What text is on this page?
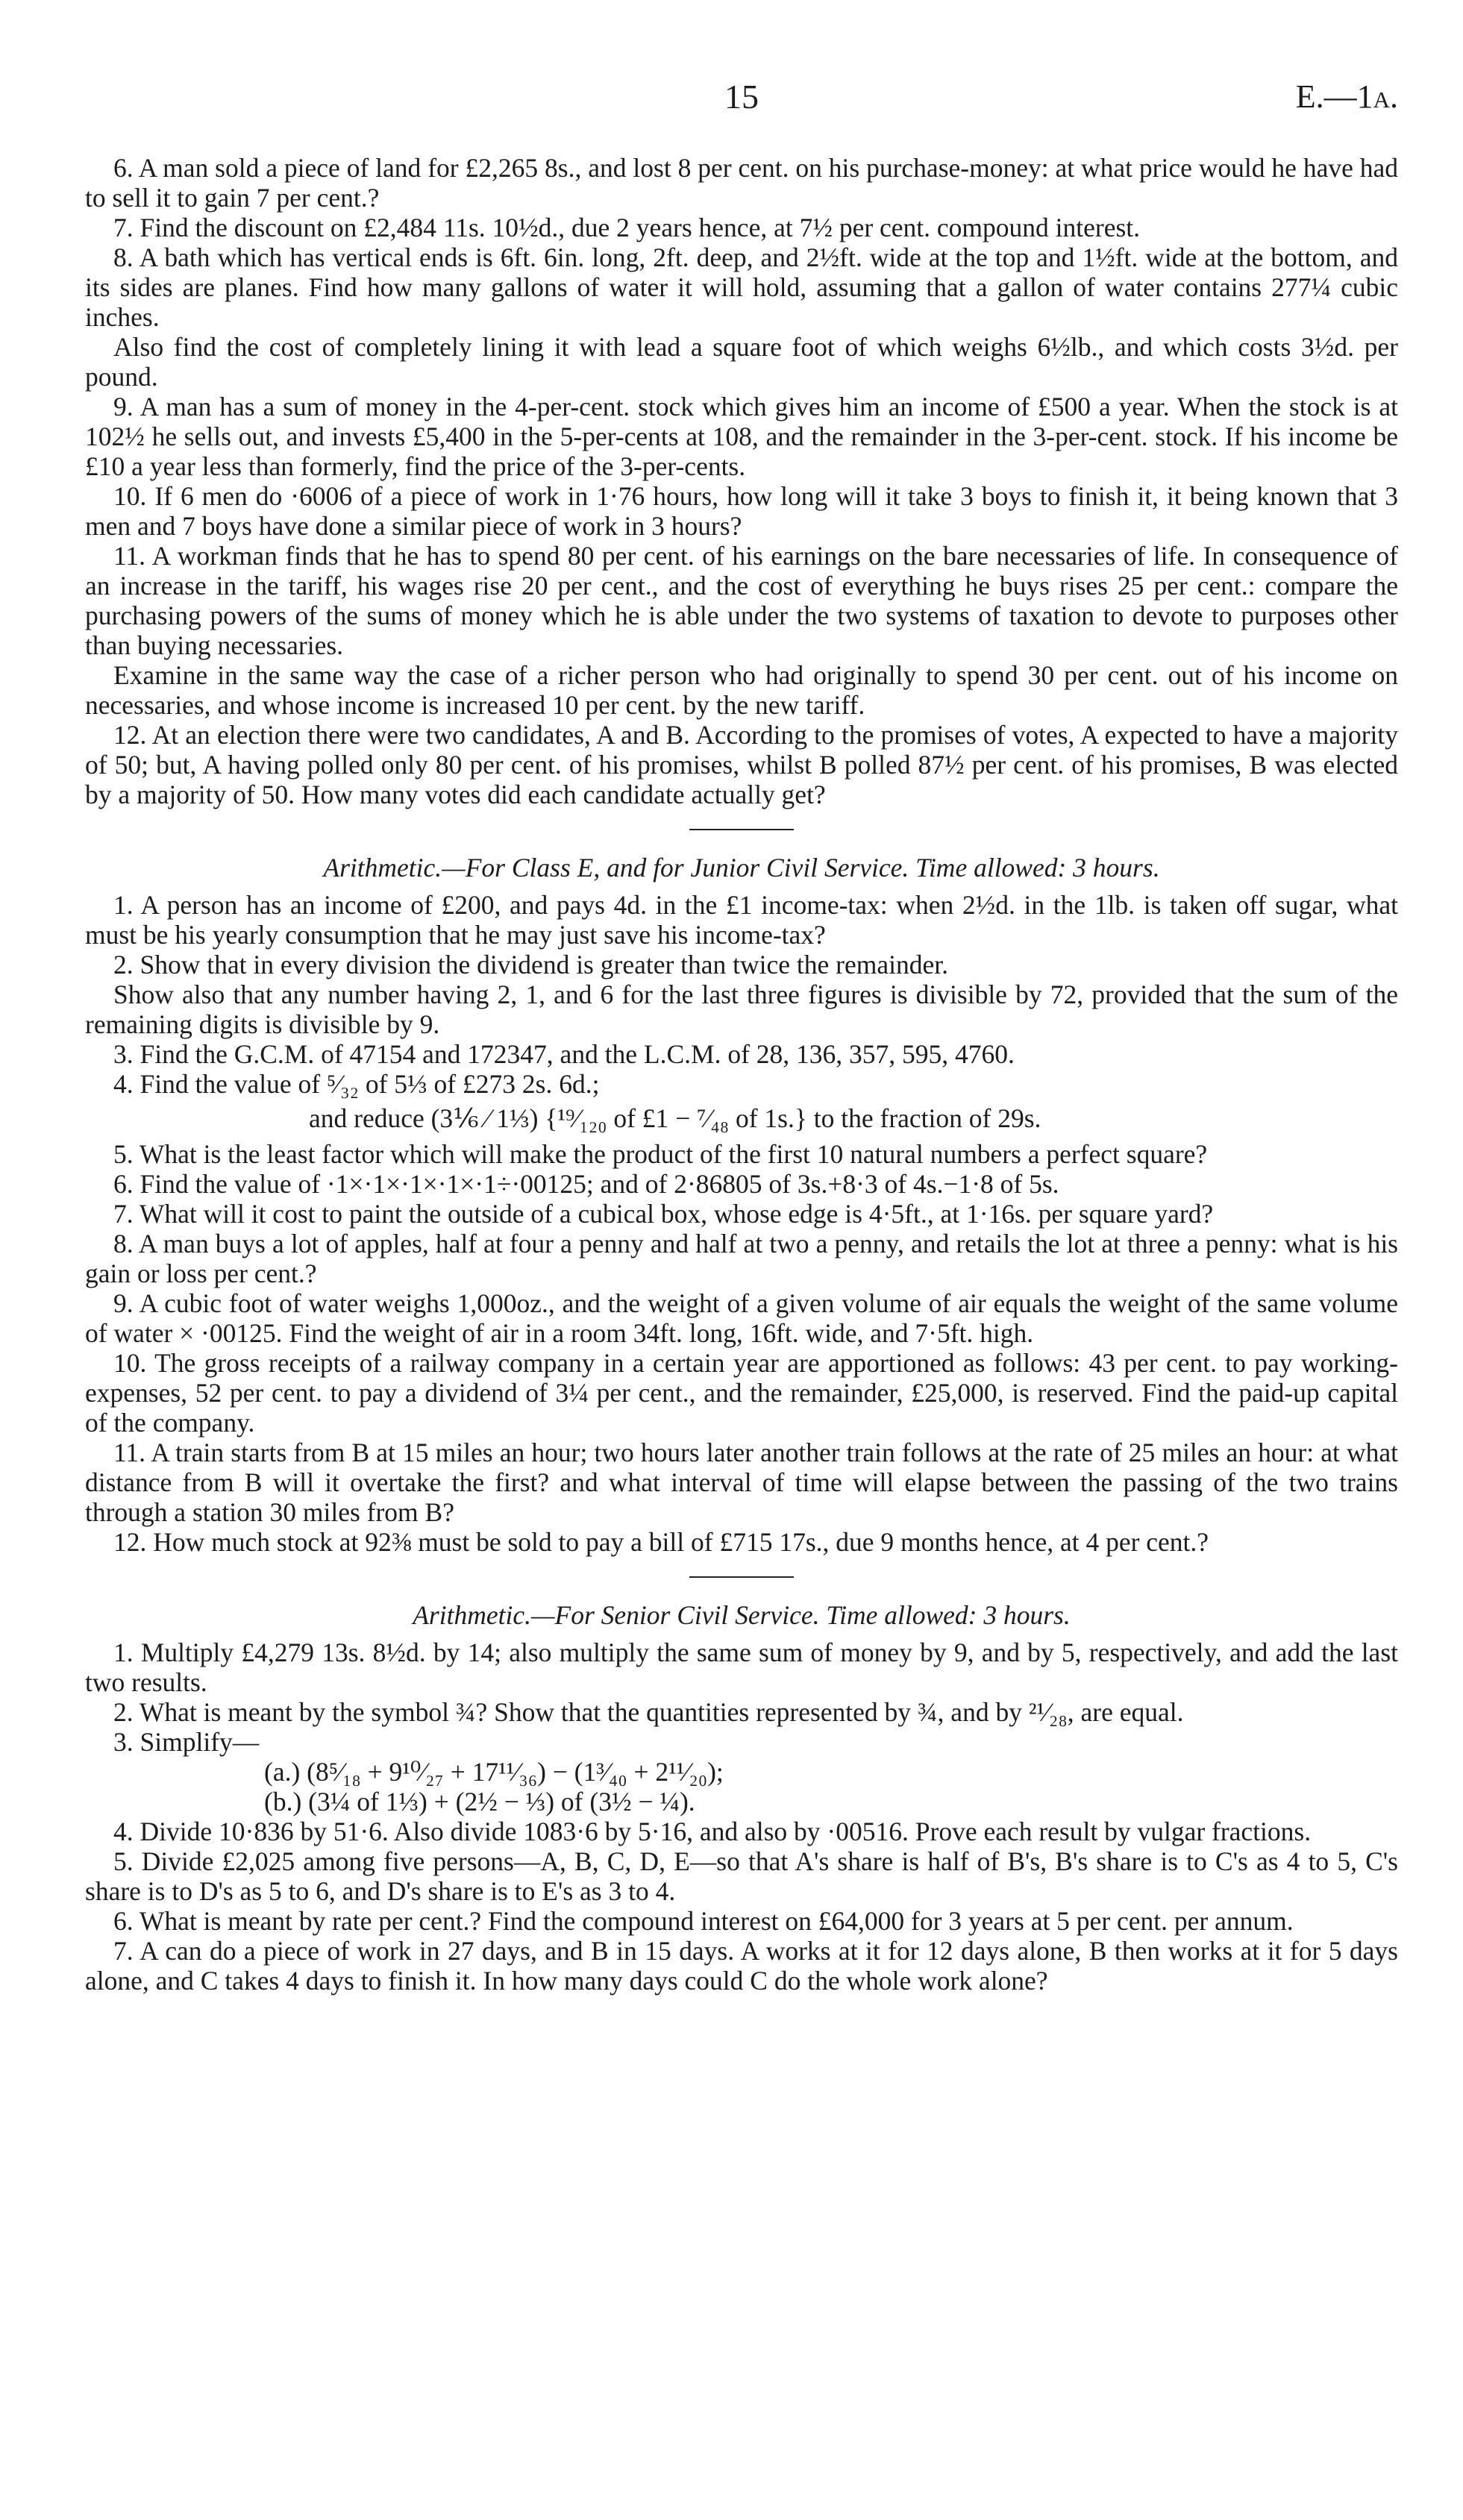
15	E.—1a.

6. A man sold a piece of land for £2,265 8s., and lost 8 per cent. on his purchase-money: at what price would he have had to sell it to gain 7 per cent.?

7. Find the discount on £2,484 11s. 10½d., due 2 years hence, at 7½ per cent. compound interest.

8. A bath which has vertical ends is 6ft. 6in. long, 2ft. deep, and 2½ft. wide at the top and 1½ft. wide at the bottom, and its sides are planes. Find how many gallons of water it will hold, assuming that a gallon of water contains 277¼ cubic inches.

Also find the cost of completely lining it with lead a square foot of which weighs 6½lb., and which costs 3½d. per pound.

9. A man has a sum of money in the 4-per-cent. stock which gives him an income of £500 a year. When the stock is at 102½ he sells out, and invests £5,400 in the 5-per-cents at 108, and the remainder in the 3-per-cent. stock. If his income be £10 a year less than formerly, find the price of the 3-per-cents.

10. If 6 men do ·6006 of a piece of work in 1·76 hours, how long will it take 3 boys to finish it, it being known that 3 men and 7 boys have done a similar piece of work in 3 hours?

11. A workman finds that he has to spend 80 per cent. of his earnings on the bare necessaries of life. In consequence of an increase in the tariff, his wages rise 20 per cent., and the cost of everything he buys rises 25 per cent.: compare the purchasing powers of the sums of money which he is able under the two systems of taxation to devote to purposes other than buying necessaries.

Examine in the same way the case of a richer person who had originally to spend 30 per cent. out of his income on necessaries, and whose income is increased 10 per cent. by the new tariff.

12. At an election there were two candidates, A and B. According to the promises of votes, A expected to have a majority of 50; but, A having polled only 80 per cent. of his promises, whilst B polled 87½ per cent. of his promises, B was elected by a majority of 50. How many votes did each candidate actually get?

Arithmetic.—For Class E, and for Junior Civil Service. Time allowed: 3 hours.

1. A person has an income of £200, and pays 4d. in the £1 income-tax: when 2½d. in the 1lb. is taken off sugar, what must be his yearly consumption that he may just save his income-tax?

2. Show that in every division the dividend is greater than twice the remainder.

Show also that any number having 2, 1, and 6 for the last three figures is divisible by 72, provided that the sum of the remaining digits is divisible by 9.

3. Find the G.C.M. of 47154 and 172347, and the L.C.M. of 28, 136, 357, 595, 4760.

4. Find the value of ⁵⁄₃₂ of 5⅓ of £273 2s. 6d.;

and reduce (3⅙ ⁄ 1⅓) {¹⁹⁄₁₂₀ of £1 − ⁷⁄₄₈ of 1s.} to the fraction of 29s.

5. What is the least factor which will make the product of the first 10 natural numbers a perfect square?

6. Find the value of ·1×·1×·1×·1×·1÷·00125; and of 2·86805 of 3s.+8·3 of 4s.−1·8 of 5s.

7. What will it cost to paint the outside of a cubical box, whose edge is 4·5ft., at 1·16s. per square yard?

8. A man buys a lot of apples, half at four a penny and half at two a penny, and retails the lot at three a penny: what is his gain or loss per cent.?

9. A cubic foot of water weighs 1,000oz., and the weight of a given volume of air equals the weight of the same volume of water × ·00125. Find the weight of air in a room 34ft. long, 16ft. wide, and 7·5ft. high.

10. The gross receipts of a railway company in a certain year are apportioned as follows: 43 per cent. to pay working-expenses, 52 per cent. to pay a dividend of 3¼ per cent., and the remainder, £25,000, is reserved. Find the paid-up capital of the company.

11. A train starts from B at 15 miles an hour; two hours later another train follows at the rate of 25 miles an hour: at what distance from B will it overtake the first? and what interval of time will elapse between the passing of the two trains through a station 30 miles from B?

12. How much stock at 92⅜ must be sold to pay a bill of £715 17s., due 9 months hence, at 4 per cent.?

Arithmetic.—For Senior Civil Service. Time allowed: 3 hours.

1. Multiply £4,279 13s. 8½d. by 14; also multiply the same sum of money by 9, and by 5, respectively, and add the last two results.

2. What is meant by the symbol ¾? Show that the quantities represented by ¾, and by ²¹⁄₂₈, are equal.

3. Simplify—

(a.) (8⁵⁄₁₈ + 9¹⁰⁄₂₇ + 17¹¹⁄₃₆) − (1³⁄₄₀ + 2¹¹⁄₂₀);

(b.) (3¼ of 1⅓) + (2½ − ⅓) of (3½ − ¼).

4. Divide 10·836 by 51·6. Also divide 1083·6 by 5·16, and also by ·00516. Prove each result by vulgar fractions.

5. Divide £2,025 among five persons—A, B, C, D, E—so that A's share is half of B's, B's share is to C's as 4 to 5, C's share is to D's as 5 to 6, and D's share is to E's as 3 to 4.

6. What is meant by rate per cent.? Find the compound interest on £64,000 for 3 years at 5 per cent. per annum.

7. A can do a piece of work in 27 days, and B in 15 days. A works at it for 12 days alone, B then works at it for 5 days alone, and C takes 4 days to finish it. In how many days could C do the whole work alone?
